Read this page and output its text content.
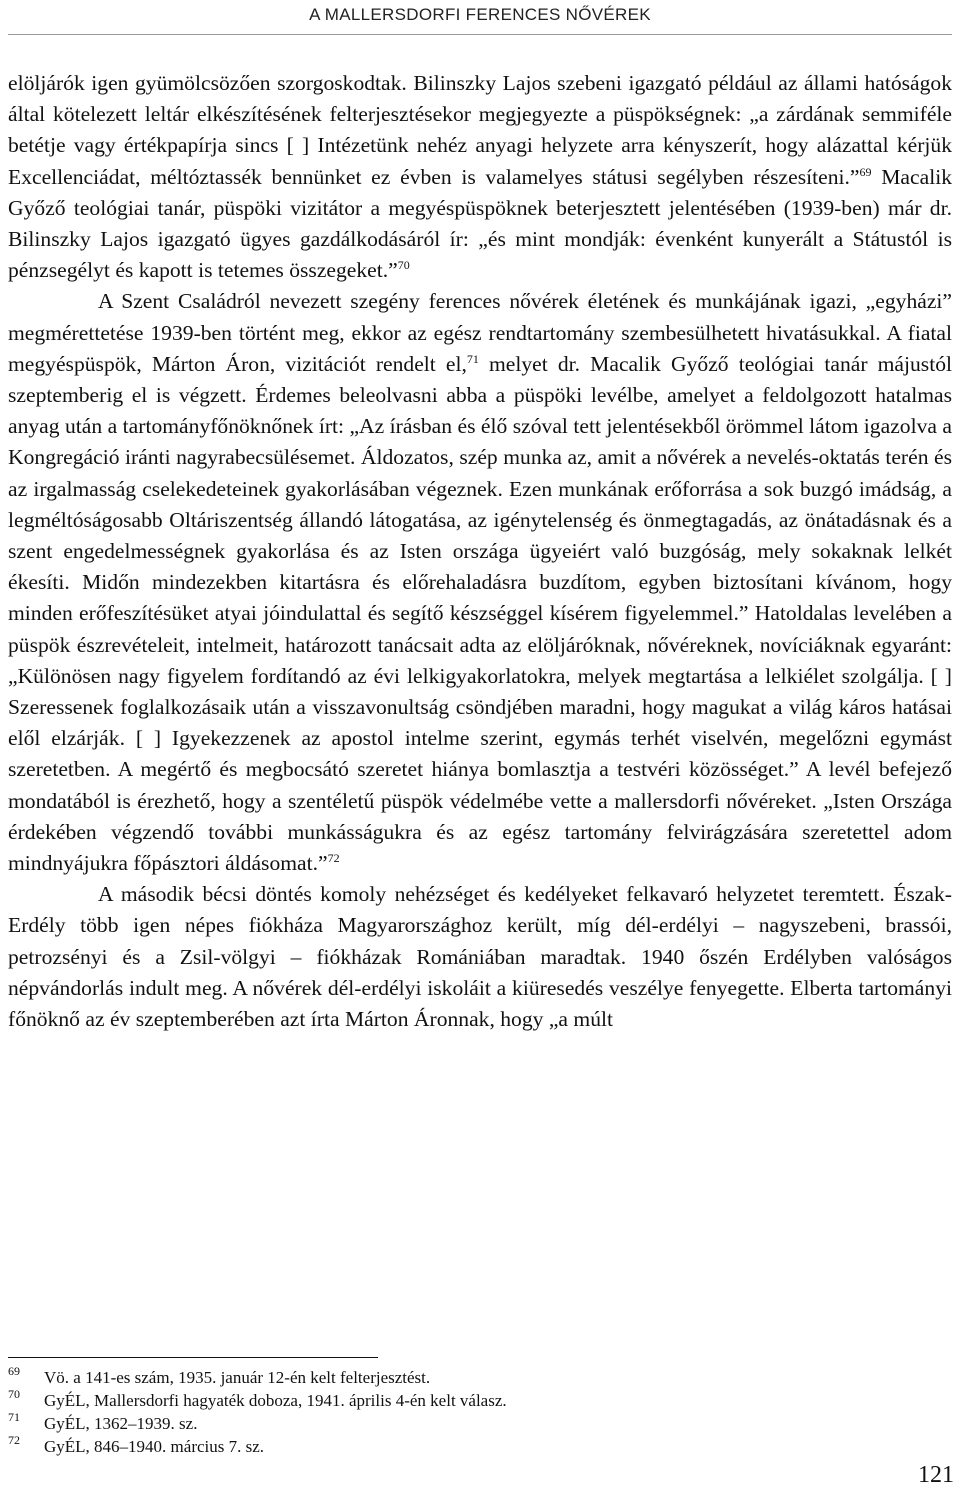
A MALLERSDORFI FERENCES NŐVÉREK

elöljárók igen gyümölcsözően szorgoskodtak. Bilinszky Lajos szebeni igazgató például az állami hatóságok által kötelezett leltár elkészítésének felterjesztésekor megjegyezte a püspökségnek: „a zárdának semmiféle betétje vagy értékpapírja sincs [ ] Intézetünk nehéz anyagi helyzete arra kényszerít, hogy alázattal kérjük Excellenciádat, méltóztassék bennünket ez évben is valamelyes státusi segélyben részesíteni.”$^{69}$ Macalik Győző teológiai tanár, püspöki vizitátor a megyéspüspöknek beterjesztett jelentésében (1939-ben) már dr. Bilinszky Lajos igazgató ügyes gazdálkodásáról ír: „és mint mondják: évenként kunyerált a Státustól is pénzsegélyt és kapott is tetemes összegeket.”$^{70}$

A Szent Családról nevezett szegény ferences nővérek életének és munkájának igazi, „egyházi” megmérettetése 1939-ben történt meg, ekkor az egész rendtartomány szembesülhetett hivatásukkal. A fiatal megyéspüspök, Márton Áron, vizitációt rendelt el,$^{71}$ melyet dr. Macalik Győző teológiai tanár májustól szeptemberig el is végzett. Érdemes beleolvasni abba a püspöki levélbe, amelyet a feldolgozott hatalmas anyag után a tartományfőnöknőnek írt: „Az írásban és élő szóval tett jelentésekből örömmel látom igazolva a Kongregáció iránti nagyrabecsülésemet. Áldozatos, szép munka az, amit a nővérek a nevelés-oktatás terén és az irgalmasság cselekedeteinek gyakorlásában végeznek. Ezen munkának erőforrása a sok buzgó imádság, a legméltóságosabb Oltáriszentség állandó látogatása, az igénytelenség és önmegtagadás, az önátadásnak és a szent engedelmességnek gyakorlása és az Isten országa ügyeiért való buzgóság, mely sokaknak lelkét ékesíti. Midőn mindezekben kitartásra és előrehaladásra buzdítom, egyben biztosítani kívánom, hogy minden erőfeszítésüket atyai jóindulattal és segítő készséggel kísérem figyelemmel.” Hatoldalas levelében a püspök észrevételeit, intelmeit, határozott tanácsait adta az elöljáróknak, nővéreknek, novíciáknak egyaránt: „Különösen nagy figyelem fordítandó az évi lelkigyakorlatokra, melyek megtartása a lelkiélet szolgálja. [ ] Szeressenek foglalkozásaik után a visszavonultság csöndjében maradni, hogy magukat a világ káros hatásai elől elzárják. [ ] Igyekezzenek az apostol intelme szerint, egymás terhét viselvén, megelőzni egymást szeretetben. A megértő és megbocsátó szeretet hiánya bomlasztja a testvéri közösséget.” A levél befejező mondatából is érezhető, hogy a szentéletű püspök védelmébe vette a mallersdorfi nővéreket. „Isten Országa érdekében végzendő további munkásságukra és az egész tartomány felvirágzására szeretettel adom mindnyájukra főpásztori áldásomat.”$^{72}$

A második bécsi döntés komoly nehézséget és kedélyeket felkavaró helyzetet teremtett. Észak-Erdély több igen népes fiókháza Magyarországhoz került, míg dél-erdélyi – nagyszebeni, brassói, petrozsényi és a Zsil-völgyi – fiókházak Romániában maradtak. 1940 őszén Erdélyben valóságos népvándorlás indult meg. A nővérek dél-erdélyi iskoláit a kiüresedés veszélye fenyegette. Elberta tartományi főnöknő az év szeptemberében azt írta Márton Áronnak, hogy „a múlt

69 Vö. a 141-es szám, 1935. január 12-én kelt felterjesztést.

70 GyÉL, Mallersdorfi hagyaték doboza, 1941. április 4-én kelt válasz.

71 GyÉL, 1362–1939. sz.

72 GyÉL, 846–1940. március 7. sz.

121
